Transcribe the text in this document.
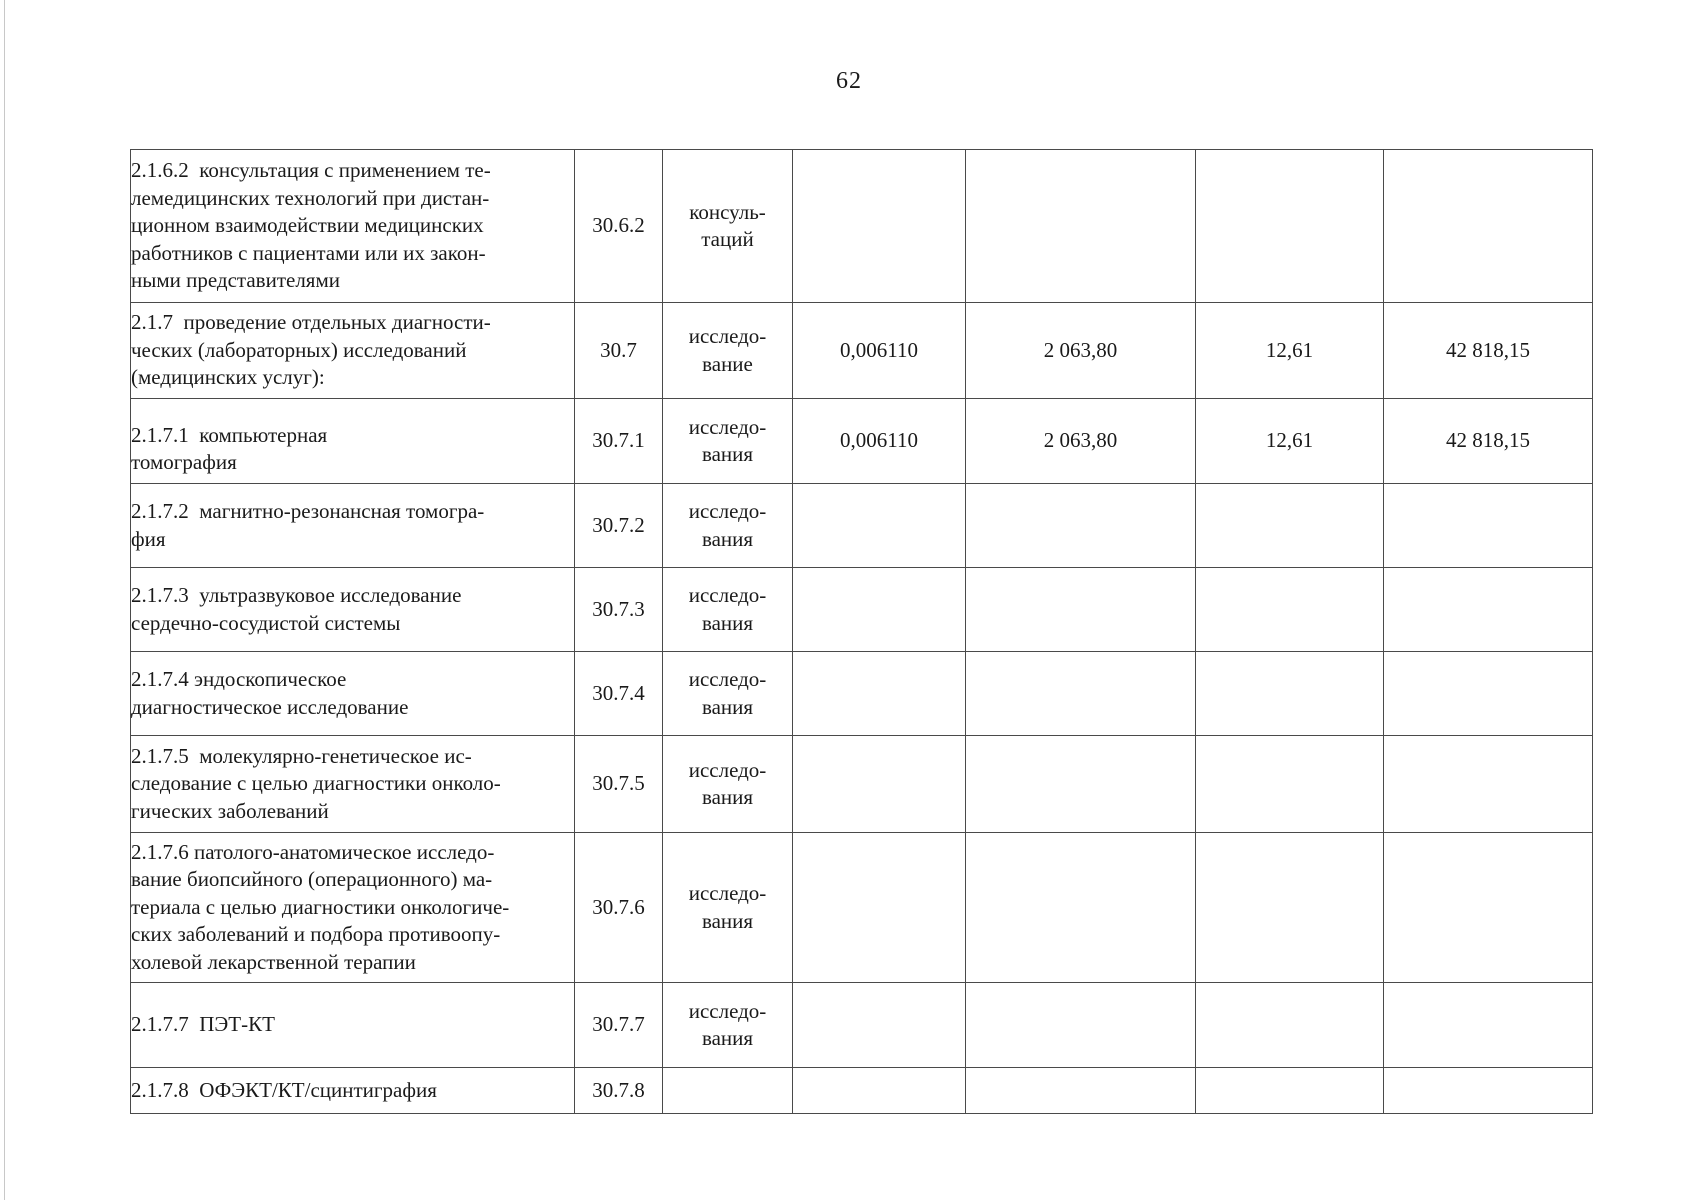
62
2.1.6.2  консультация с применением те-
лемедицинских технологий при дистан-
ционном взаимодействии медицинских
работников с пациентами или их закон-
ными представителями	30.6.2	консуль-
таций				

2.1.7  проведение отдельных диагности-
ческих (лабораторных) исследований
(медицинских услуг):	30.7	исследо-
вание	0,006110	2 063,80	12,61	42 818,15

2.1.7.1  компьютерная
томография	30.7.1	исследо-
вания	0,006110	2 063,80	12,61	42 818,15

2.1.7.2  магнитно-резонансная томогра-
фия	30.7.2	исследо-
вания				

2.1.7.3  ультразвуковое исследование
сердечно-сосудистой системы	30.7.3	исследо-
вания				

2.1.7.4 эндоскопическое
диагностическое исследование	30.7.4	исследо-
вания				

2.1.7.5  молекулярно-генетическое ис-
следование с целью диагностики онколо-
гических заболеваний	30.7.5	исследо-
вания				

2.1.7.6 патолого-анатомическое исследо-
вание биопсийного (операционного) ма-
териала с целью диагностики онкологиче-
ских заболеваний и подбора противоопу-
холевой лекарственной терапии	30.7.6	исследо-
вания				

2.1.7.7  ПЭТ-КТ	30.7.7	исследо-
вания				

2.1.7.8  ОФЭКТ/КТ/сцинтиграфия	30.7.8					
